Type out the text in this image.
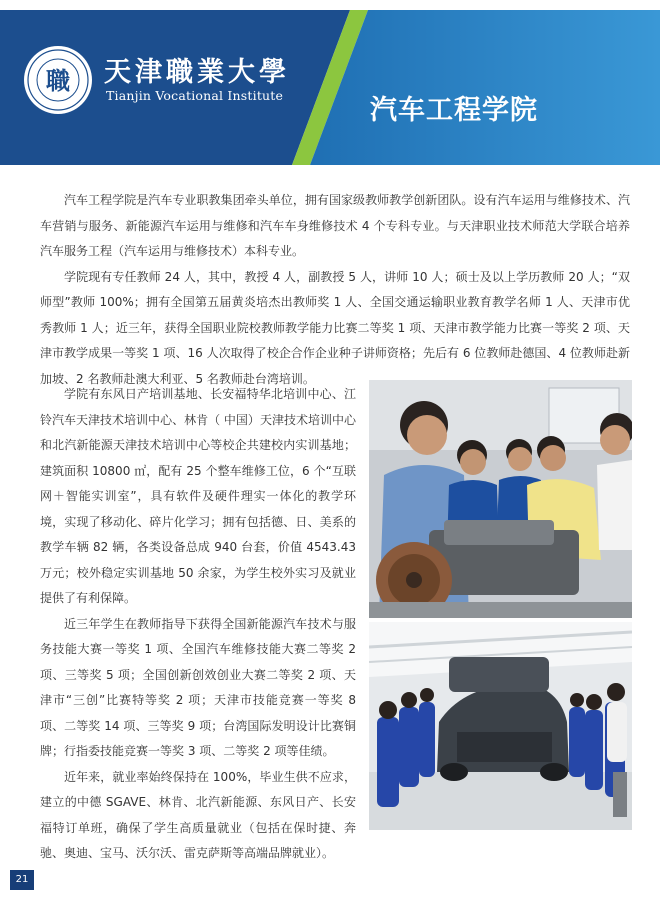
職 天津職業大學
Tianjin Vocational Institute	汽车工程学院

汽车工程学院是汽车专业职教集团牵头单位，拥有国家级教师教学创新团队。设有汽车运用与维修技术、汽车营销与服务、新能源汽车运用与维修和汽车车身维修技术 4 个专科专业。与天津职业技术师范大学联合培养汽车服务工程（汽车运用与维修技术）本科专业。

学院现有专任教师 24 人，其中，教授 4 人，副教授 5 人，讲师 10 人；硕士及以上学历教师 20 人；“双师型”教师 100%；拥有全国第五届黄炎培杰出教师奖 1 人、全国交通运输职业教育教学名师 1 人、天津市优秀教师 1 人；近三年，获得全国职业院校教师教学能力比赛二等奖 1 项、天津市教学能力比赛一等奖 2 项、天津市教学成果一等奖 1 项、16 人次取得了校企合作企业种子讲师资格；先后有 6 位教师赴德国、4 位教师赴新加坡、2 名教师赴澳大利亚、5 名教师赴台湾培训。

学院有东风日产培训基地、长安福特华北培训中心、江铃汽车天津技术培训中心、林肯（ 中国）天津技术培训中心和北汽新能源天津技术培训中心等校企共建校内实训基地；建筑面积 10800 ㎡，配有 25 个整车维修工位，6 个“互联网＋智能实训室”，具有软件及硬件理实一体化的教学环境，实现了移动化、碎片化学习；拥有包括德、日、美系的教学车辆 82 辆，各类设备总成 940 台套，价值 4543.43 万元；校外稳定实训基地 50 余家，为学生校外实习及就业提供了有利保障。

近三年学生在教师指导下获得全国新能源汽车技术与服务技能大赛一等奖 1 项、全国汽车维修技能大赛二等奖 2 项、三等奖 5 项；全国创新创效创业大赛二等奖 2 项、天津市“三创”比赛特等奖 2 项；天津市技能竞赛一等奖 8 项、二等奖 14 项、三等奖 9 项；台湾国际发明设计比赛铜牌；行指委技能竞赛一等奖 3 项、二等奖 2 项等佳绩。

近年来，就业率始终保持在 100%，毕业生供不应求，建立的中德 SGAVE、林肯、北汽新能源、东风日产、长安福特订单班，确保了学生高质量就业（包括在保时捷、奔驰、奥迪、宝马、沃尔沃、雷克萨斯等高端品牌就业）。

21
